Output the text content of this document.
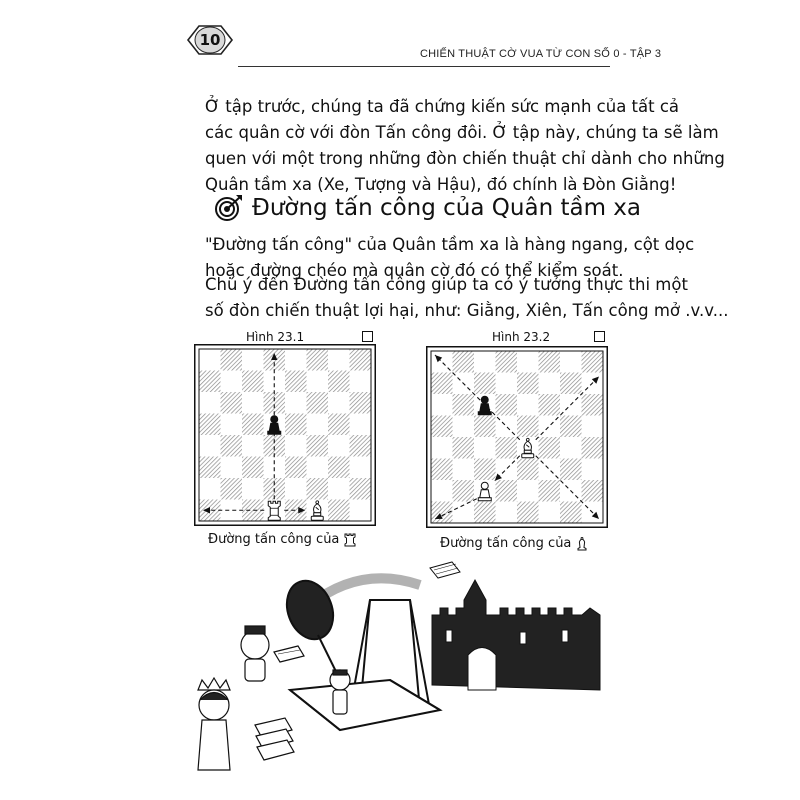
10
CHIẾN THUẬT CỜ VUA TỪ CON SỐ 0 - TẬP 3
Ở tập trước, chúng ta đã chứng kiến sức mạnh của tất cả
các quân cờ với đòn Tấn công đôi. Ở tập này, chúng ta sẽ làm
quen với một trong những đòn chiến thuật chỉ dành cho những
Quân tầm xa (Xe, Tượng và Hậu), đó chính là Đòn Giằng!
Đường tấn công của Quân tầm xa
"Đường tấn công" của Quân tầm xa là hàng ngang, cột dọc
hoặc đường chéo mà quân cờ đó có thể kiểm soát.
Chú ý đến Đường tấn công giúp ta có ý tưởng thực thi một
số đòn chiến thuật lợi hại, như: Giằng, Xiên, Tấn công mở .v.v...
Hình 23.1
Đường tấn công của
Hình 23.2
Đường tấn công của
